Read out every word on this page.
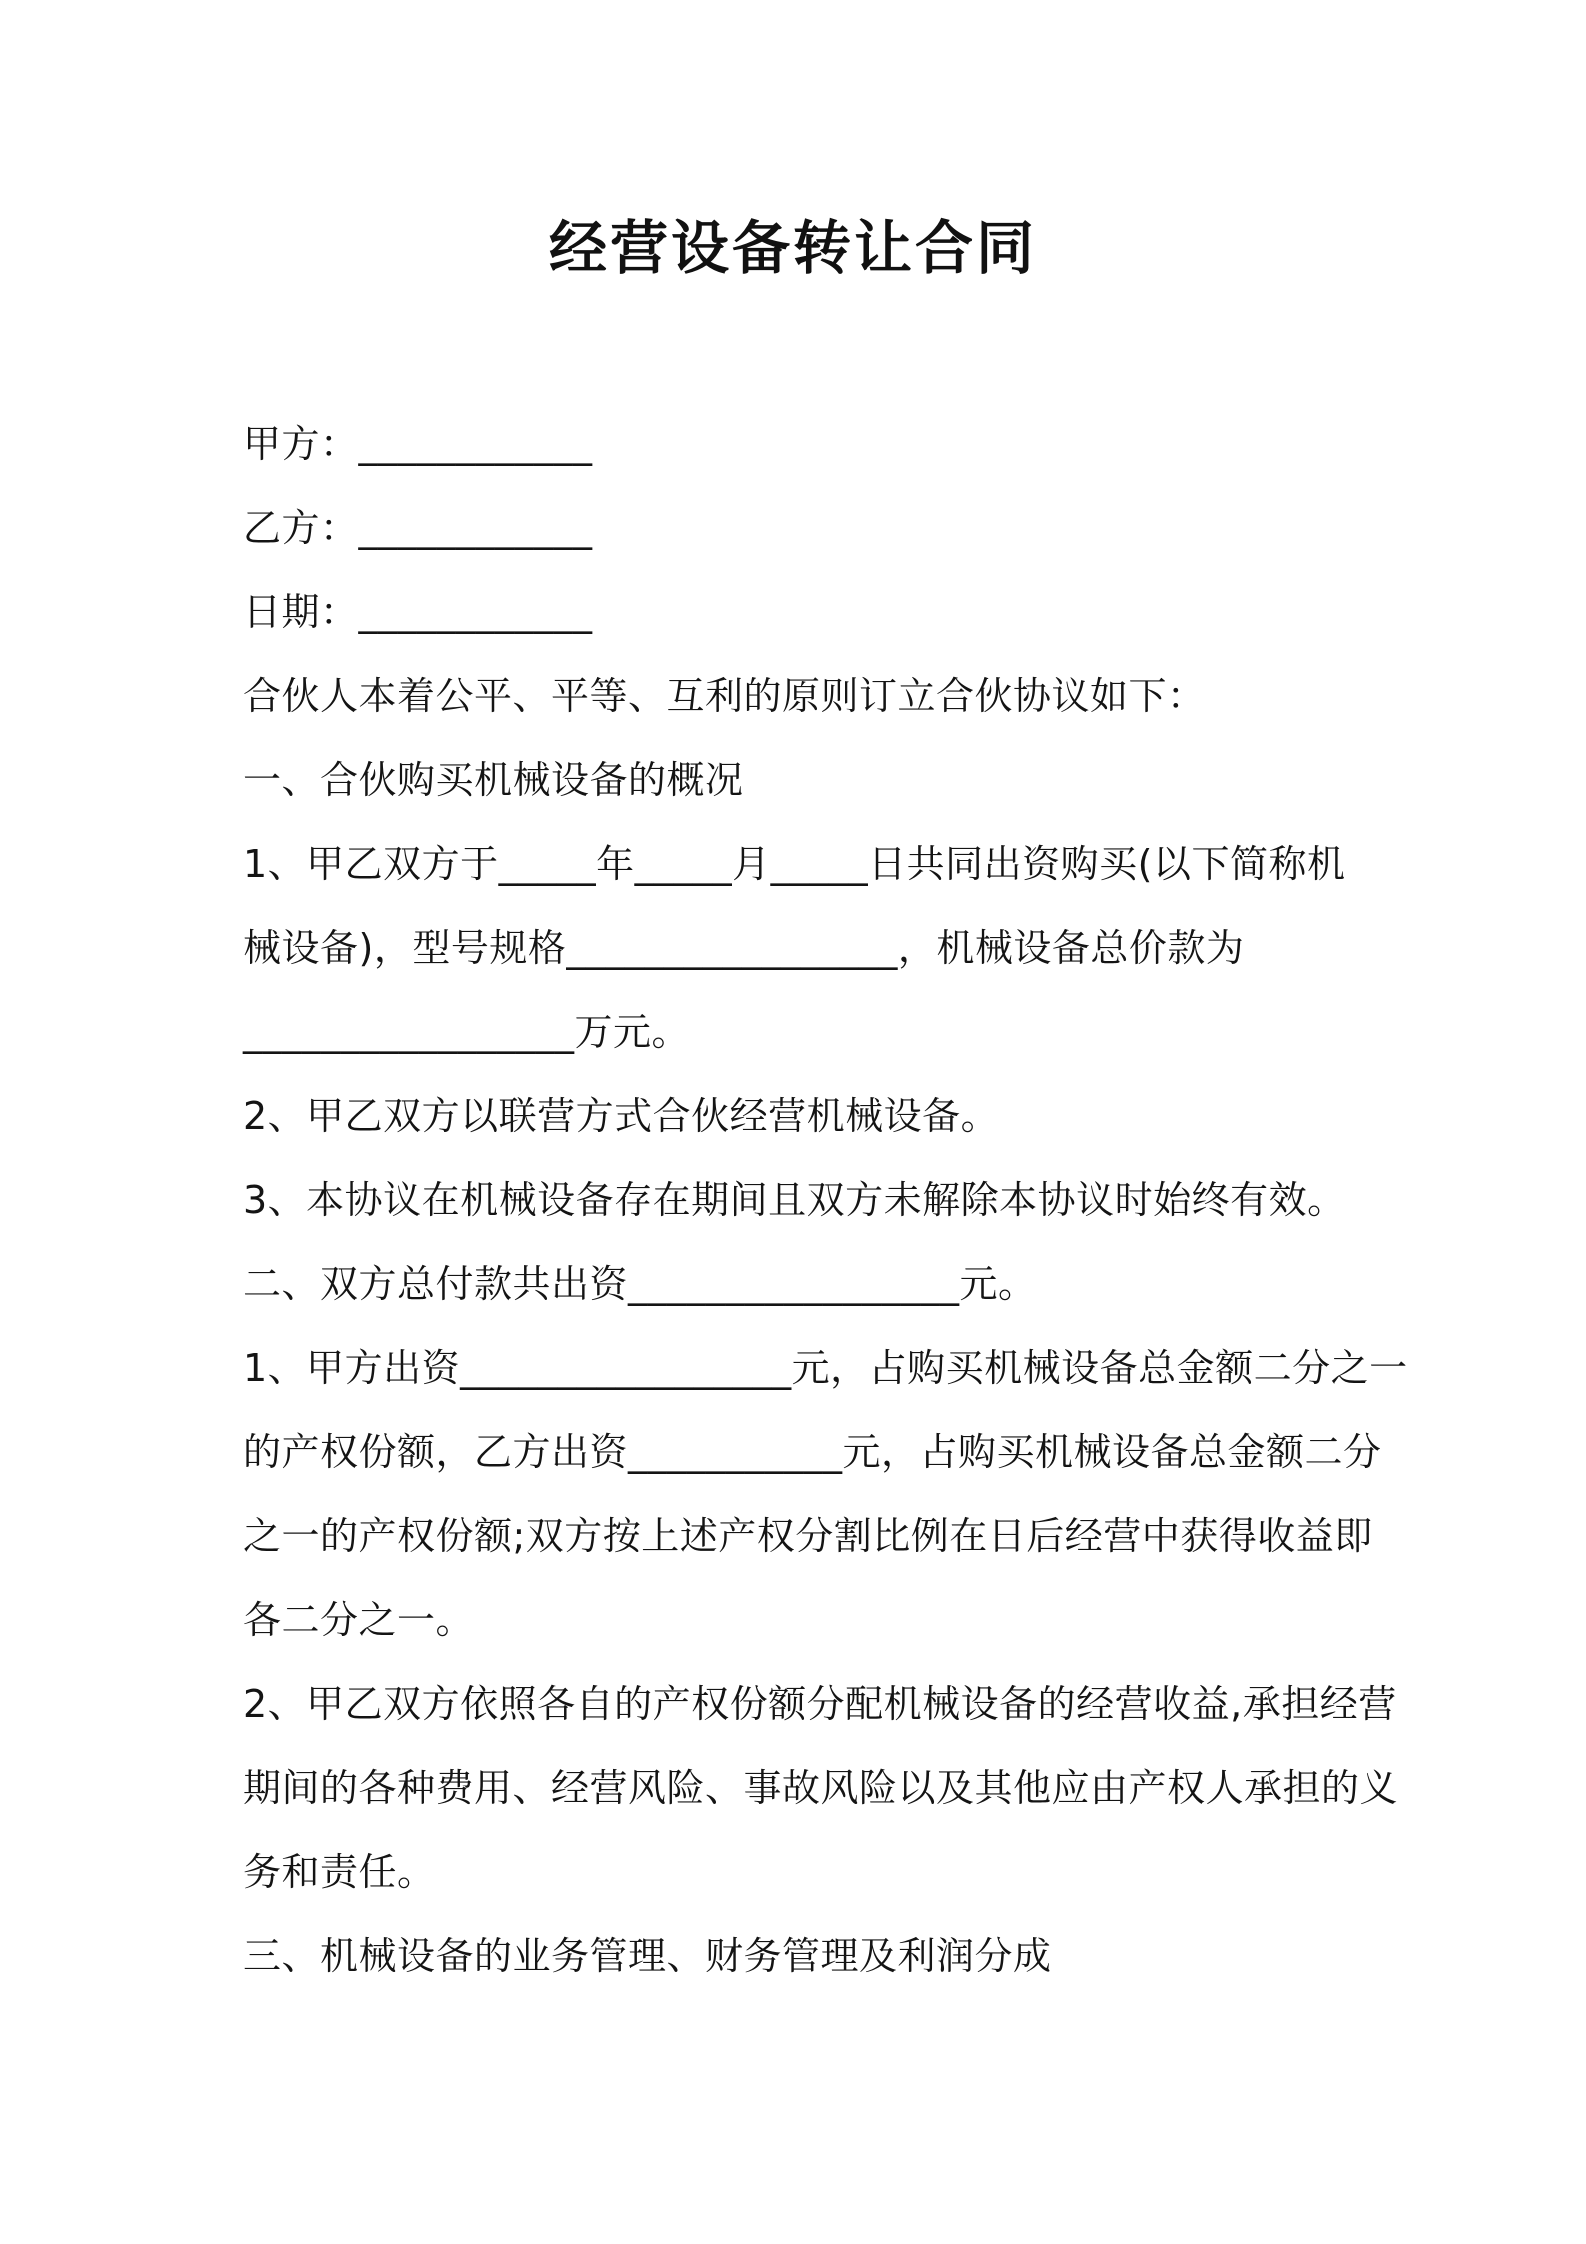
经营设备转让合同
甲方：____________
乙方：____________
日期：____________
合伙人本着公平、平等、互利的原则订立合伙协议如下：
一、合伙购买机械设备的概况
1、甲乙双方于_____年_____月_____日共同出资购买(以下简称机
械设备)，型号规格_________________，机械设备总价款为
_________________万元。
2、甲乙双方以联营方式合伙经营机械设备。
3、本协议在机械设备存在期间且双方未解除本协议时始终有效。
二、双方总付款共出资_________________元。
1、甲方出资_________________元，占购买机械设备总金额二分之一
的产权份额，乙方出资___________元，占购买机械设备总金额二分
之一的产权份额;双方按上述产权分割比例在日后经营中获得收益即
各二分之一。
2、甲乙双方依照各自的产权份额分配机械设备的经营收益,承担经营
期间的各种费用、经营风险、事故风险以及其他应由产权人承担的义
务和责任。
三、机械设备的业务管理、财务管理及利润分成
